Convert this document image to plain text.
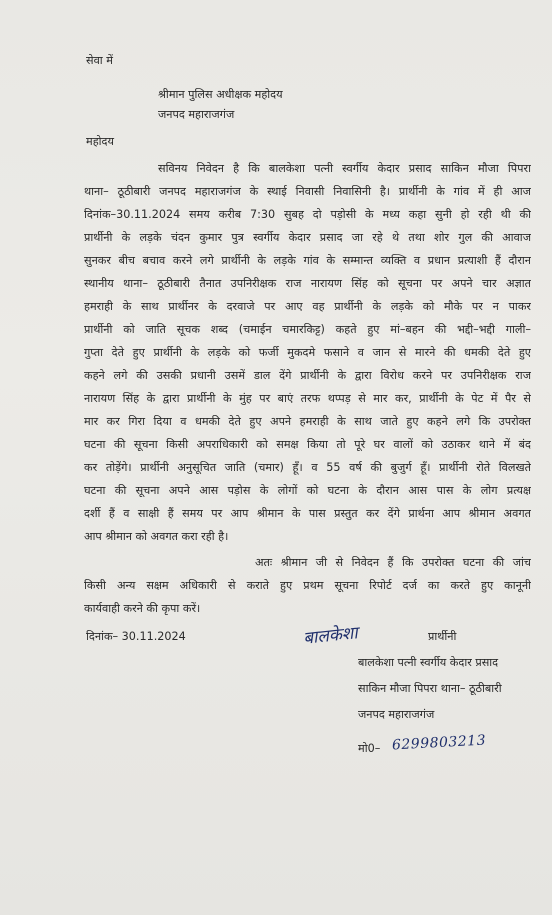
सेवा में
श्रीमान पुलिस अधीक्षक महोदय
जनपद महाराजगंज
महोदय
सविनय निवेदन है कि बालकेशा पत्नी स्वर्गीय केदार प्रसाद साकिन मौजा पिपरा
थाना– ठूठीबारी जनपद महाराजगंज के स्थाई निवासी निवासिनी है। प्रार्थीनी के गांव में ही आज
दिनांक–30.11.2024 समय करीब 7:30 सुबह दो पड़ोसी के मध्य कहा सुनी हो रही थी की
प्रार्थीनी के लड़के चंदन कुमार पुत्र स्वर्गीय केदार प्रसाद जा रहे थे तथा शोर गुल की आवाज
सुनकर बीच बचाव करने लगे प्रार्थीनी के लड़के गांव के सम्मान्त व्यक्ति व प्रधान प्रत्याशी हैं दौरान
स्थानीय थाना– ठूठीबारी तैनात उपनिरीक्षक राज नारायण सिंह को सूचना पर अपने चार अज्ञात
हमराही के साथ प्रार्थीनर के दरवाजे पर आए वह प्रार्थीनी के लड़के को मौके पर न पाकर
प्रार्थीनी को जाति सूचक शब्द (चमाईन चमारकिट्ट) कहते हुए मां–बहन की भद्दी–भद्दी गाली–
गुप्ता देते हुए प्रार्थीनी के लड़के को फर्जी मुकदमे फसाने व जान से मारने की धमकी देते हुए
कहने लगे की उसकी प्रधानी उसमें डाल देंगे प्रार्थीनी के द्वारा विरोध करने पर उपनिरीक्षक राज
नारायण सिंह के द्वारा प्रार्थीनी के मुंह पर बाएं तरफ थप्पड़ से मार कर, प्रार्थीनी के पेट में पैर से
मार कर गिरा दिया व धमकी देते हुए अपने हमराही के साथ जाते हुए कहने लगे कि उपरोक्त
घटना की सूचना किसी अपराधिकारी को समक्ष किया तो पूरे घर वालों को उठाकर थाने में बंद
कर तोड़ेंगे। प्रार्थीनी अनुसूचित जाति (चमार) हूँ। व 55 वर्ष की बुजुर्ग हूँ। प्रार्थीनी रोते विलखते
घटना की सूचना अपने आस पड़ोस के लोगों को घटना के दौरान आस पास के लोग प्रत्यक्ष
दर्शी हैं व साक्षी हैं समय पर आप श्रीमान के पास प्रस्तुत कर देंगे प्रार्थना आप श्रीमान अवगत
आप श्रीमान को अवगत करा रही है।
अतः श्रीमान जी से निवेदन हैं कि उपरोक्त घटना की जांच
किसी अन्य सक्षम अधिकारी से कराते हुए प्रथम सूचना रिपोर्ट दर्ज का करते हुए कानूनी
कार्यवाही करने की कृपा करें।
दिनांक– 30.11.2024	बालकेशा	प्रार्थीनी
बालकेशा पत्नी स्वर्गीय केदार प्रसाद
साकिन मौजा पिपरा थाना– ठूठीबारी
जनपद महाराजगंज
मो0– 6299803213
